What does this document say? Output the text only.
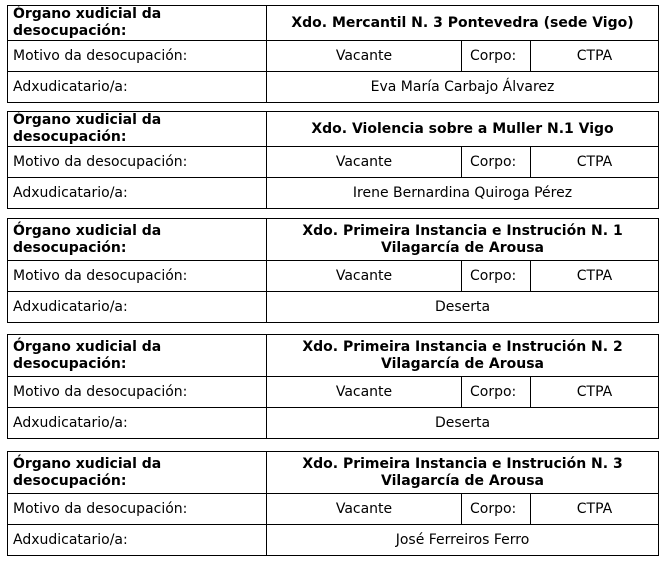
Órgano xudicial da desocupación:	Xdo. Mercantil N. 3 Pontevedra (sede Vigo)		
Motivo da desocupación:	Vacante	Corpo:	CTPA
Adxudicatario/a:	Eva María Carbajo Álvarez		
Órgano xudicial da desocupación:	Xdo. Violencia sobre a Muller N.1 Vigo		
Motivo da desocupación:	Vacante	Corpo:	CTPA
Adxudicatario/a:	Irene Bernardina Quiroga Pérez		
Órgano xudicial da desocupación:	Xdo. Primeira Instancia e Instrución N. 1 Vilagarcía de Arousa		
Motivo da desocupación:	Vacante	Corpo:	CTPA
Adxudicatario/a:	Deserta		
Órgano xudicial da desocupación:	Xdo. Primeira Instancia e Instrución N. 2 Vilagarcía de Arousa		
Motivo da desocupación:	Vacante	Corpo:	CTPA
Adxudicatario/a:	Deserta		
Órgano xudicial da desocupación:	Xdo. Primeira Instancia e Instrución N. 3 Vilagarcía de Arousa		
Motivo da desocupación:	Vacante	Corpo:	CTPA
Adxudicatario/a:	José Ferreiros Ferro		
